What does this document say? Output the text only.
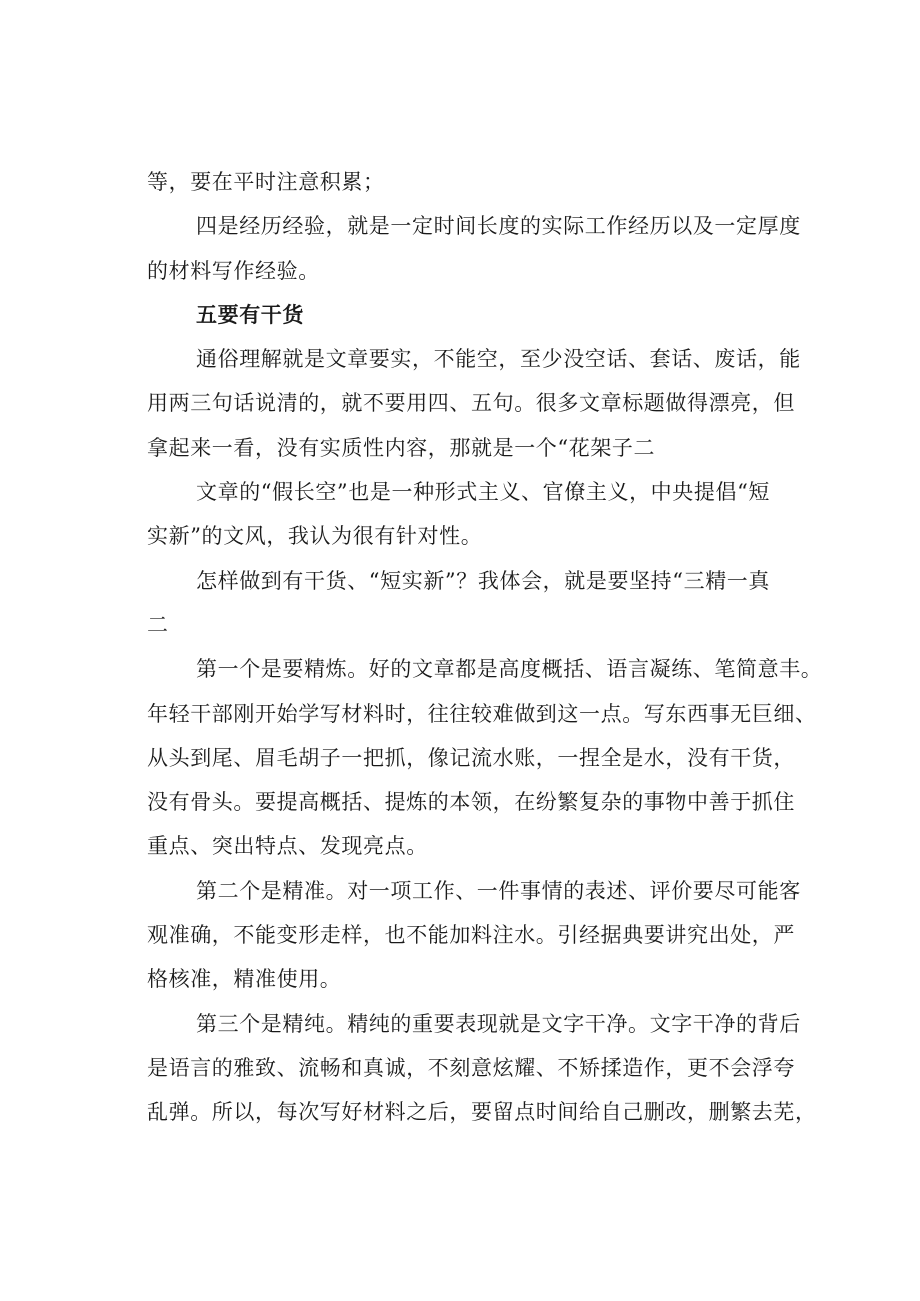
等，要在平时注意积累；
四是经历经验，就是一定时间长度的实际工作经历以及一定厚度
的材料写作经验。
五要有干货
通俗理解就是文章要实，不能空，至少没空话、套话、废话，能
用两三句话说清的，就不要用四、五句。很多文章标题做得漂亮，但
拿起来一看，没有实质性内容，那就是一个“花架子二
文章的“假长空”也是一种形式主义、官僚主义，中央提倡“短
实新”的文风，我认为很有针对性。
怎样做到有干货、“短实新”？我体会，就是要坚持“三精一真
二
第一个是要精炼。好的文章都是高度概括、语言凝练、笔简意丰。
年轻干部刚开始学写材料时，往往较难做到这一点。写东西事无巨细、
从头到尾、眉毛胡子一把抓，像记流水账，一捏全是水，没有干货，
没有骨头。要提高概括、提炼的本领，在纷繁复杂的事物中善于抓住
重点、突出特点、发现亮点。
第二个是精准。对一项工作、一件事情的表述、评价要尽可能客
观准确，不能变形走样，也不能加料注水。引经据典要讲究出处，严
格核准，精准使用。
第三个是精纯。精纯的重要表现就是文字干净。文字干净的背后
是语言的雅致、流畅和真诚，不刻意炫耀、不矫揉造作，更不会浮夸
乱弹。所以，每次写好材料之后，要留点时间给自己删改，删繁去芜，
